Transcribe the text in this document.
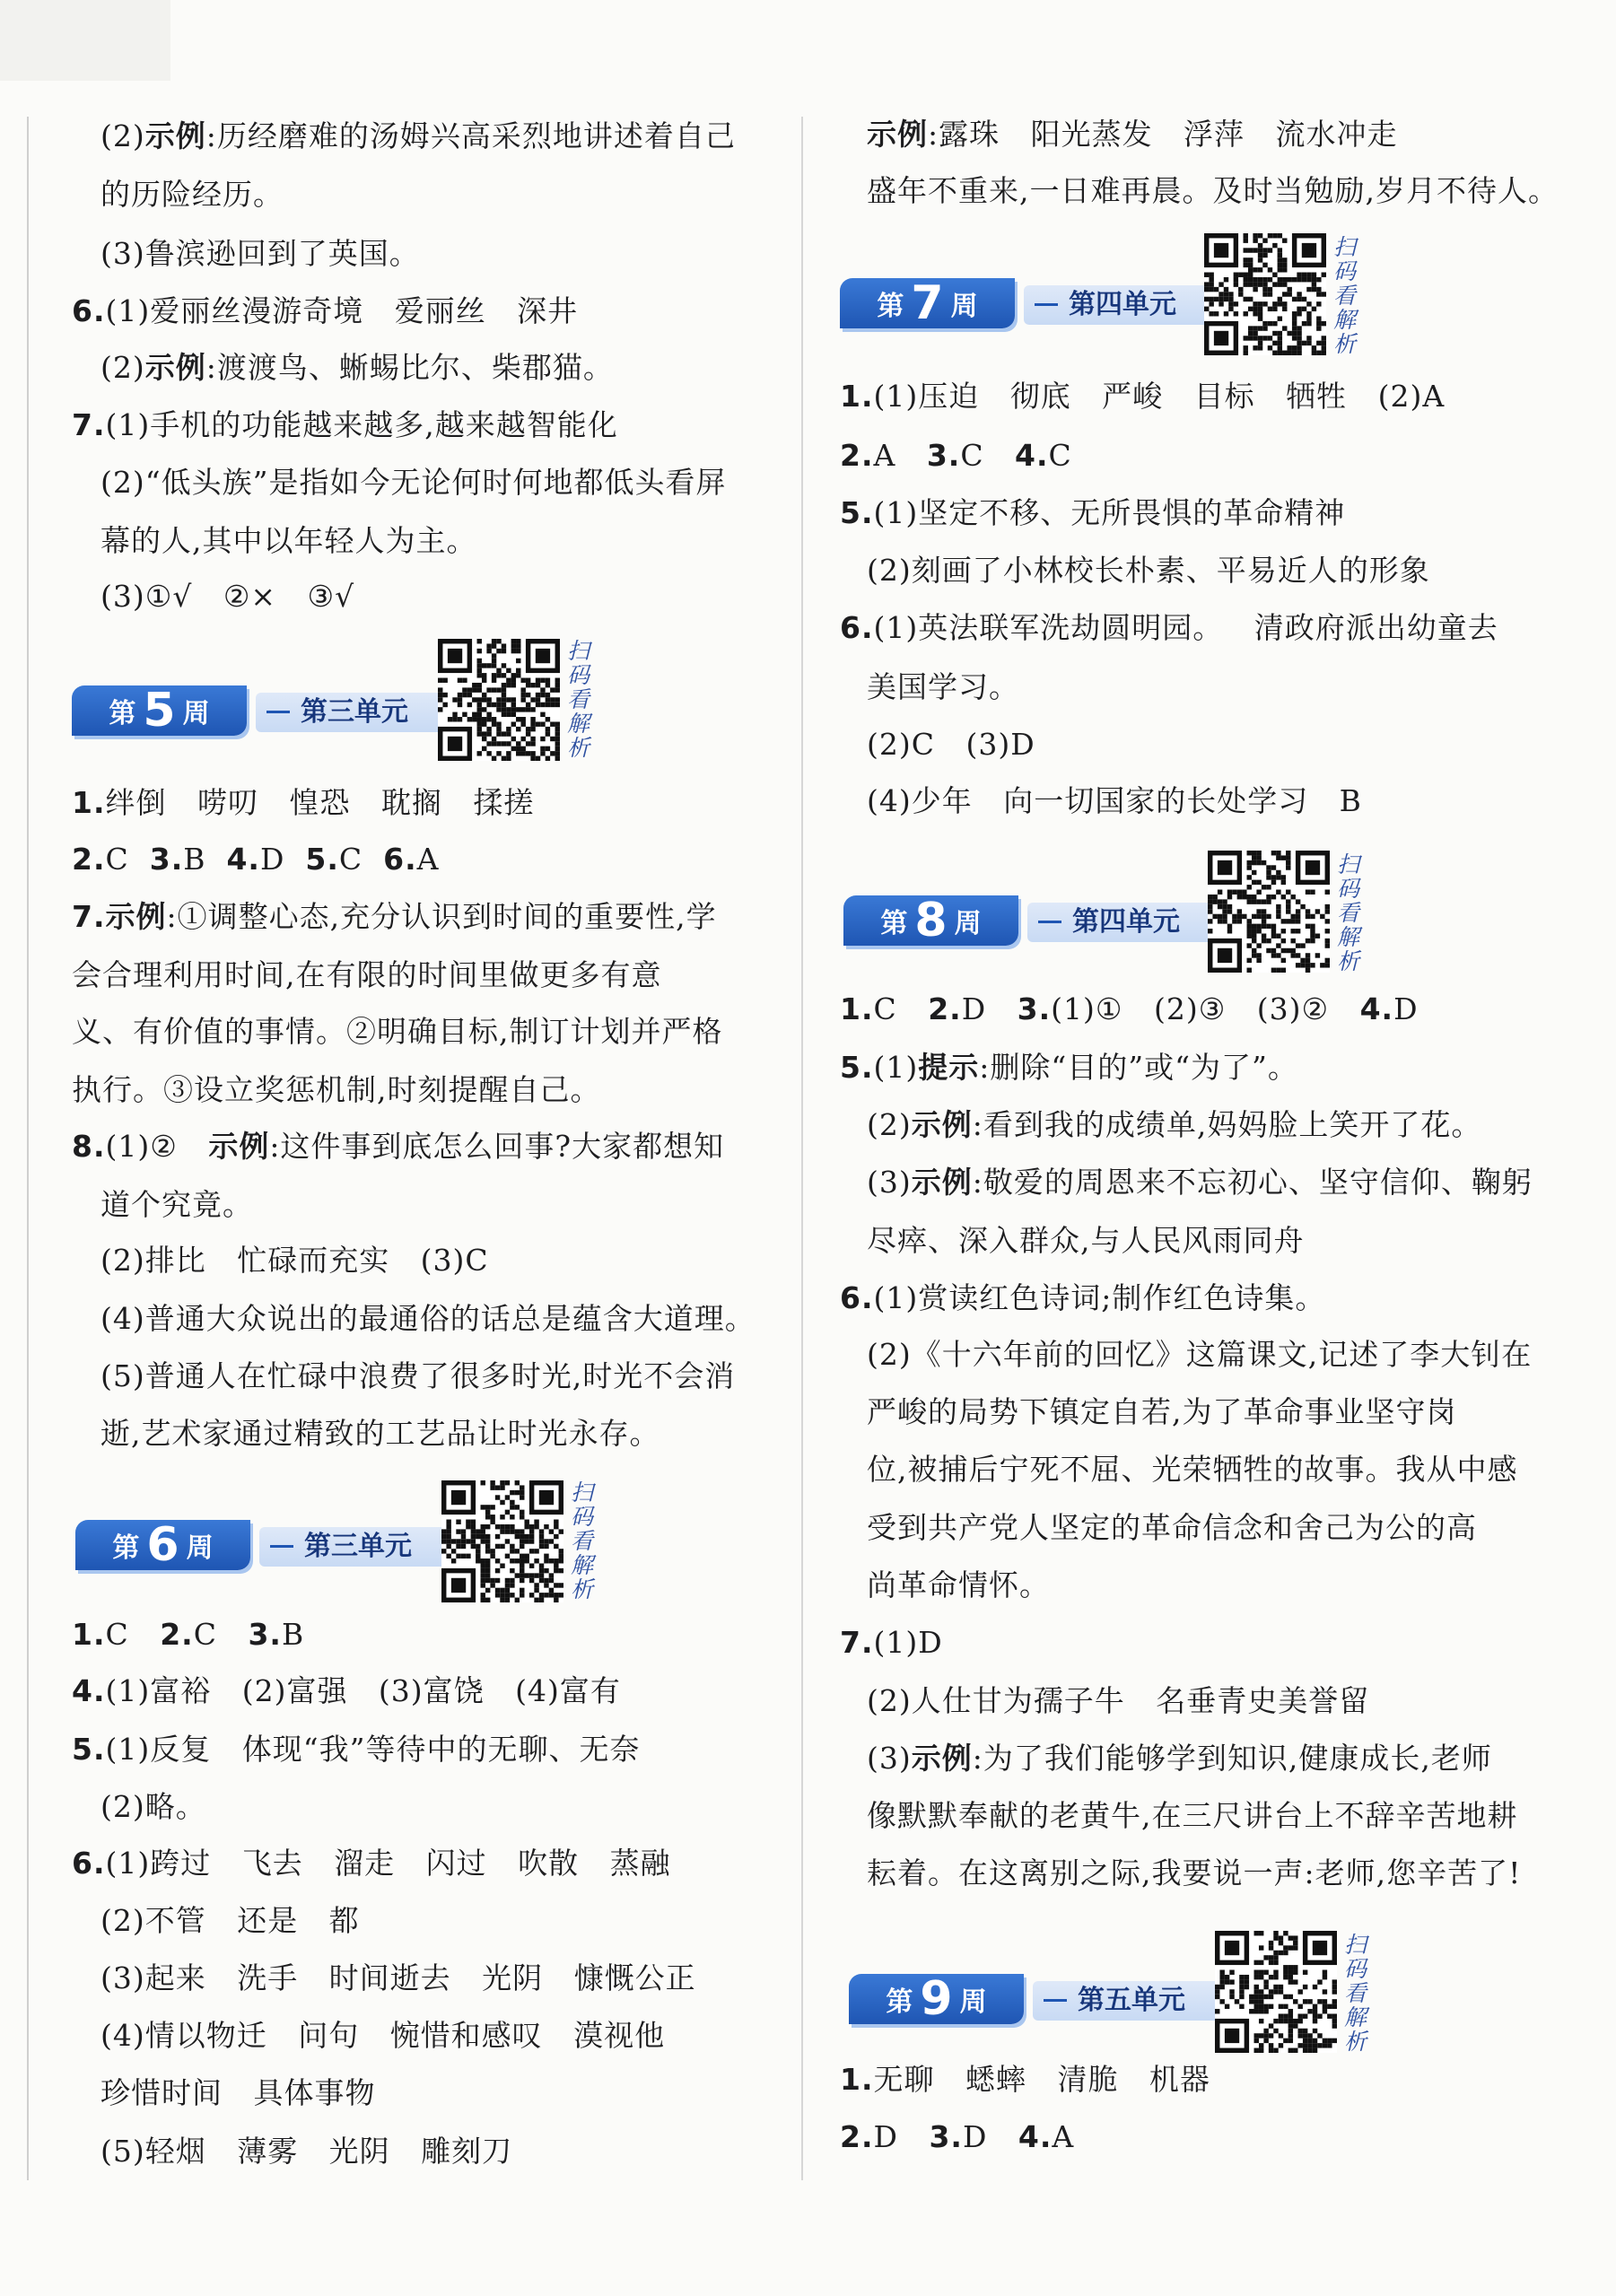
第 5 周	第三单元
第 6 周	第三单元
第 7 周	第四单元
第 8 周	第四单元
第 9 周	第五单元
扫
码
看
解
析
扫
码
看
解
析
扫
码
看
解
析
扫
码
看
解
析
扫
码
看
解
析
(2)示例:历经磨难的汤姆兴高采烈地讲述着自己
的历险经历。
(3)鲁滨逊回到了英国。
6.(1)爱丽丝漫游奇境   爱丽丝   深井
(2)示例:渡渡鸟、蜥蜴比尔、柴郡猫。
7.(1)手机的功能越来越多,越来越智能化
(2)“低头族”是指如今无论何时何地都低头看屏
幕的人,其中以年轻人为主。
(3)①√   ②×   ③√
1.绊倒   唠叨   惶恐   耽搁   揉搓
2.C  3.B  4.D  5.C  6.A
7.示例:①调整心态,充分认识到时间的重要性,学
会合理利用时间,在有限的时间里做更多有意
义、有价值的事情。②明确目标,制订计划并严格
执行。③设立奖惩机制,时刻提醒自己。
8.(1)②   示例:这件事到底怎么回事?大家都想知
道个究竟。
(2)排比   忙碌而充实   (3)C
(4)普通大众说出的最通俗的话总是蕴含大道理。
(5)普通人在忙碌中浪费了很多时光,时光不会消
逝,艺术家通过精致的工艺品让时光永存。
1.C   2.C   3.B
4.(1)富裕   (2)富强   (3)富饶   (4)富有
5.(1)反复   体现“我”等待中的无聊、无奈
(2)略。
6.(1)跨过   飞去   溜走   闪过   吹散   蒸融
(2)不管   还是   都
(3)起来   洗手   时间逝去   光阴   慷慨公正
(4)情以物迁   问句   惋惜和感叹   漠视他
珍惜时间   具体事物
(5)轻烟   薄雾   光阴   雕刻刀
示例:露珠   阳光蒸发   浮萍   流水冲走
盛年不重来,一日难再晨。及时当勉励,岁月不待人。
1.(1)压迫   彻底   严峻   目标   牺牲   (2)A
2.A   3.C   4.C
5.(1)坚定不移、无所畏惧的革命精神
(2)刻画了小林校长朴素、平易近人的形象
6.(1)英法联军洗劫圆明园。   清政府派出幼童去
美国学习。
(2)C   (3)D
(4)少年   向一切国家的长处学习   B
1.C   2.D   3.(1)①   (2)③   (3)②   4.D
5.(1)提示:删除“目的”或“为了”。
(2)示例:看到我的成绩单,妈妈脸上笑开了花。
(3)示例:敬爱的周恩来不忘初心、坚守信仰、鞠躬
尽瘁、深入群众,与人民风雨同舟
6.(1)赏读红色诗词;制作红色诗集。
(2)《十六年前的回忆》这篇课文,记述了李大钊在
严峻的局势下镇定自若,为了革命事业坚守岗
位,被捕后宁死不屈、光荣牺牲的故事。我从中感
受到共产党人坚定的革命信念和舍己为公的高
尚革命情怀。
7.(1)D
(2)人仕甘为孺子牛   名垂青史美誉留
(3)示例:为了我们能够学到知识,健康成长,老师
像默默奉献的老黄牛,在三尺讲台上不辞辛苦地耕
耘着。在这离别之际,我要说一声:老师,您辛苦了!
1.无聊   蟋蟀   清脆   机器
2.D   3.D   4.A
